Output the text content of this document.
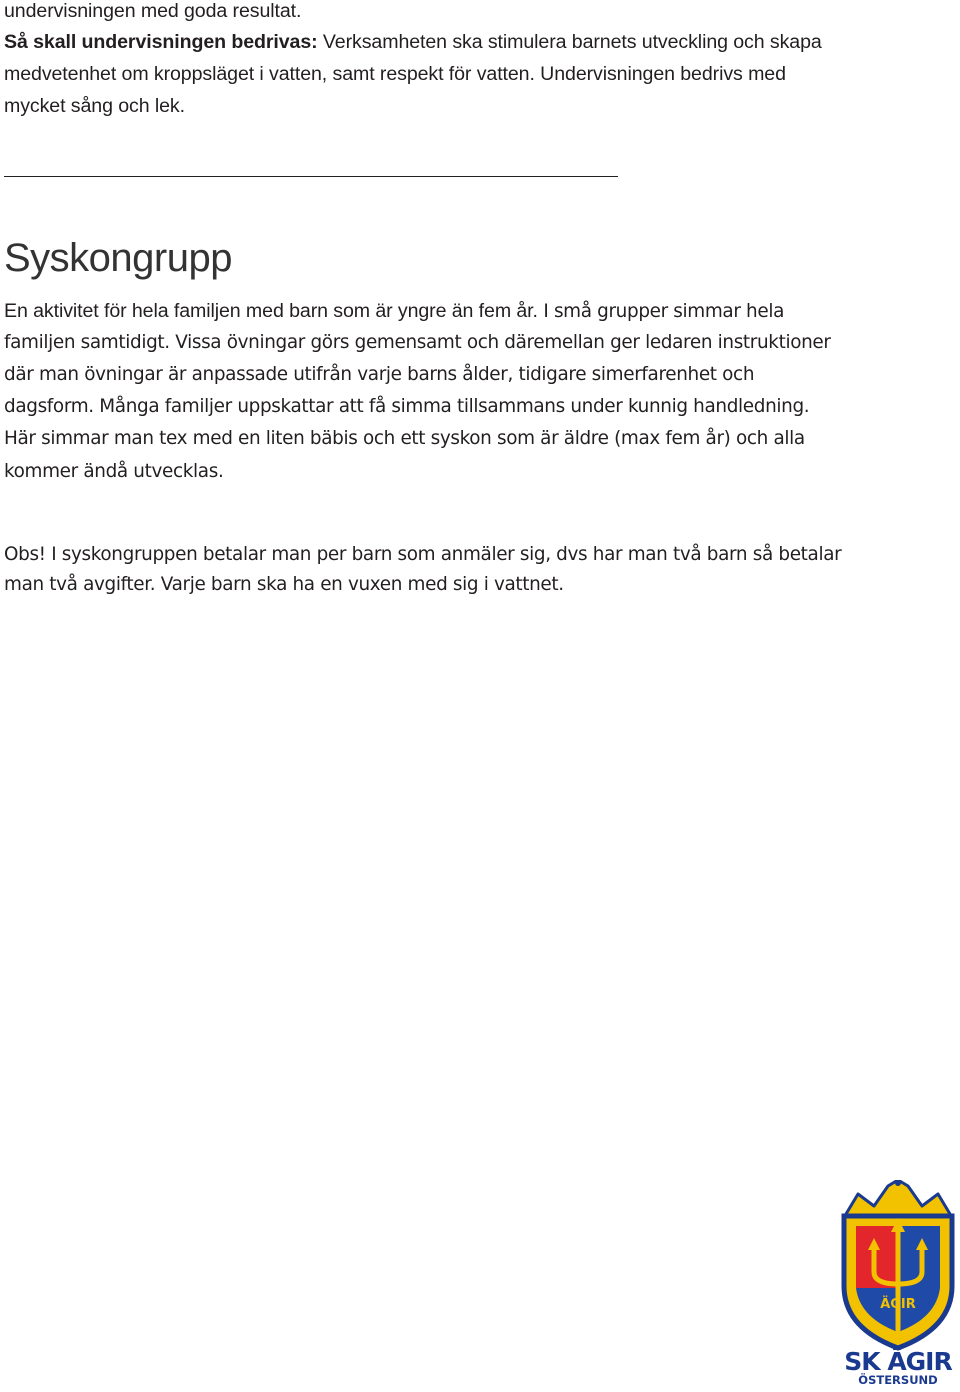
undervisningen med goda resultat.
Så skall undervisningen bedrivas: Verksamheten ska stimulera barnets utveckling och skapa
medvetenhet om kroppsläget i vatten, samt respekt för vatten. Undervisningen bedrivs med
mycket sång och lek.
Syskongrupp
En aktivitet för hela familjen med barn som är yngre än fem år. I små grupper simmar hela
familjen samtidigt. Vissa övningar görs gemensamt och däremellan ger ledaren instruktioner
där man övningar är anpassade utifrån varje barns ålder, tidigare simerfarenhet och
dagsform. Många familjer uppskattar att få simma tillsammans under kunnig handledning.
Här simmar man tex med en liten bäbis och ett syskon som är äldre (max fem år) och alla
kommer ändå utvecklas.
Obs! I syskongruppen betalar man per barn som anmäler sig, dvs har man två barn så betalar
man två avgifter. Varje barn ska ha en vuxen med sig i vattnet.
ÄGIR
SK ÄGIR
ÖSTERSUND
